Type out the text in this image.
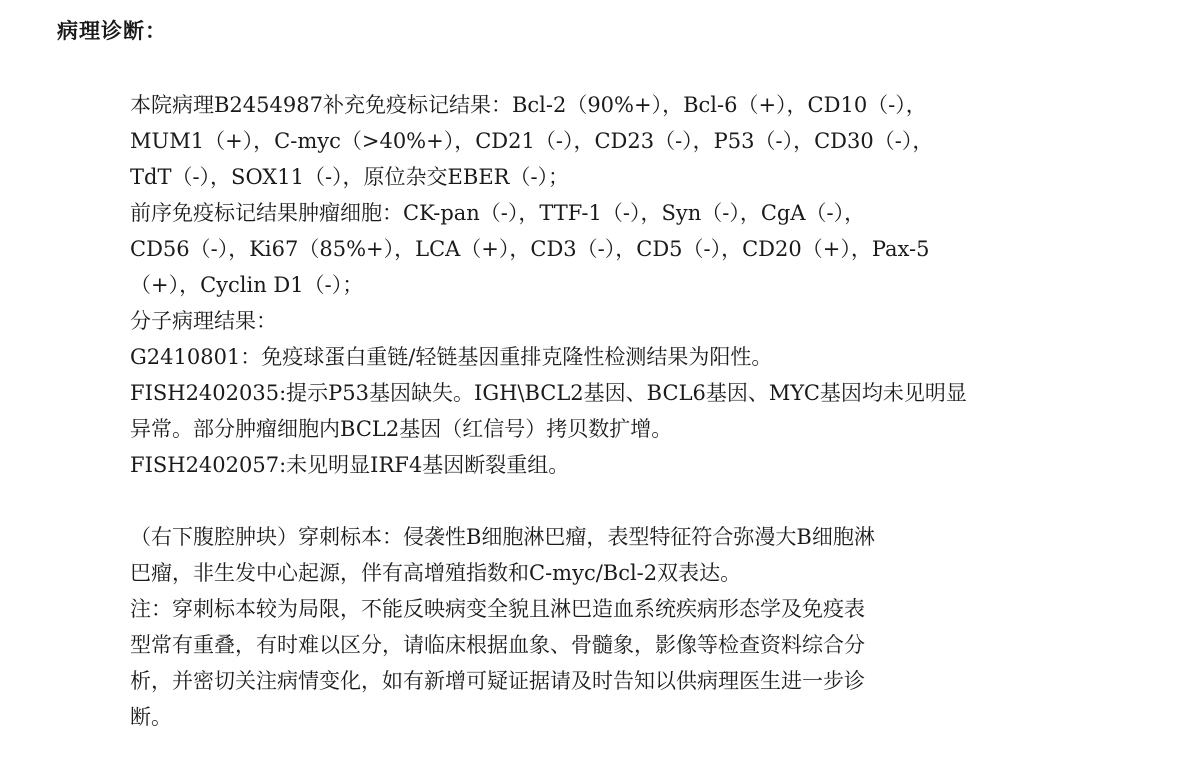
病理诊断：
本院病理B2454987补充免疫标记结果：Bcl-2（90%+），Bcl-6（+），CD10（-），
MUM1（+），C-myc（>40%+），CD21（-），CD23（-），P53（-），CD30（-），
TdT（-），SOX11（-），原位杂交EBER（-）；
前序免疫标记结果肿瘤细胞：CK-pan（-），TTF-1（-），Syn（-），CgA（-），
CD56（-），Ki67（85%+），LCA（+），CD3（-），CD5（-），CD20（+），Pax-5
（+），Cyclin D1（-）；
分子病理结果：
G2410801：免疫球蛋白重链/轻链基因重排克隆性检测结果为阳性。
FISH2402035:提示P53基因缺失。IGH\BCL2基因、BCL6基因、MYC基因均未见明显
异常。部分肿瘤细胞内BCL2基因（红信号）拷贝数扩增。
FISH2402057:未见明显IRF4基因断裂重组。
（右下腹腔肿块）穿刺标本：侵袭性B细胞淋巴瘤，表型特征符合弥漫大B细胞淋
巴瘤，非生发中心起源，伴有高增殖指数和C-myc/Bcl-2双表达。
注：穿刺标本较为局限，不能反映病变全貌且淋巴造血系统疾病形态学及免疫表
型常有重叠，有时难以区分，请临床根据血象、骨髓象，影像等检查资料综合分
析，并密切关注病情变化，如有新增可疑证据请及时告知以供病理医生进一步诊
断。
